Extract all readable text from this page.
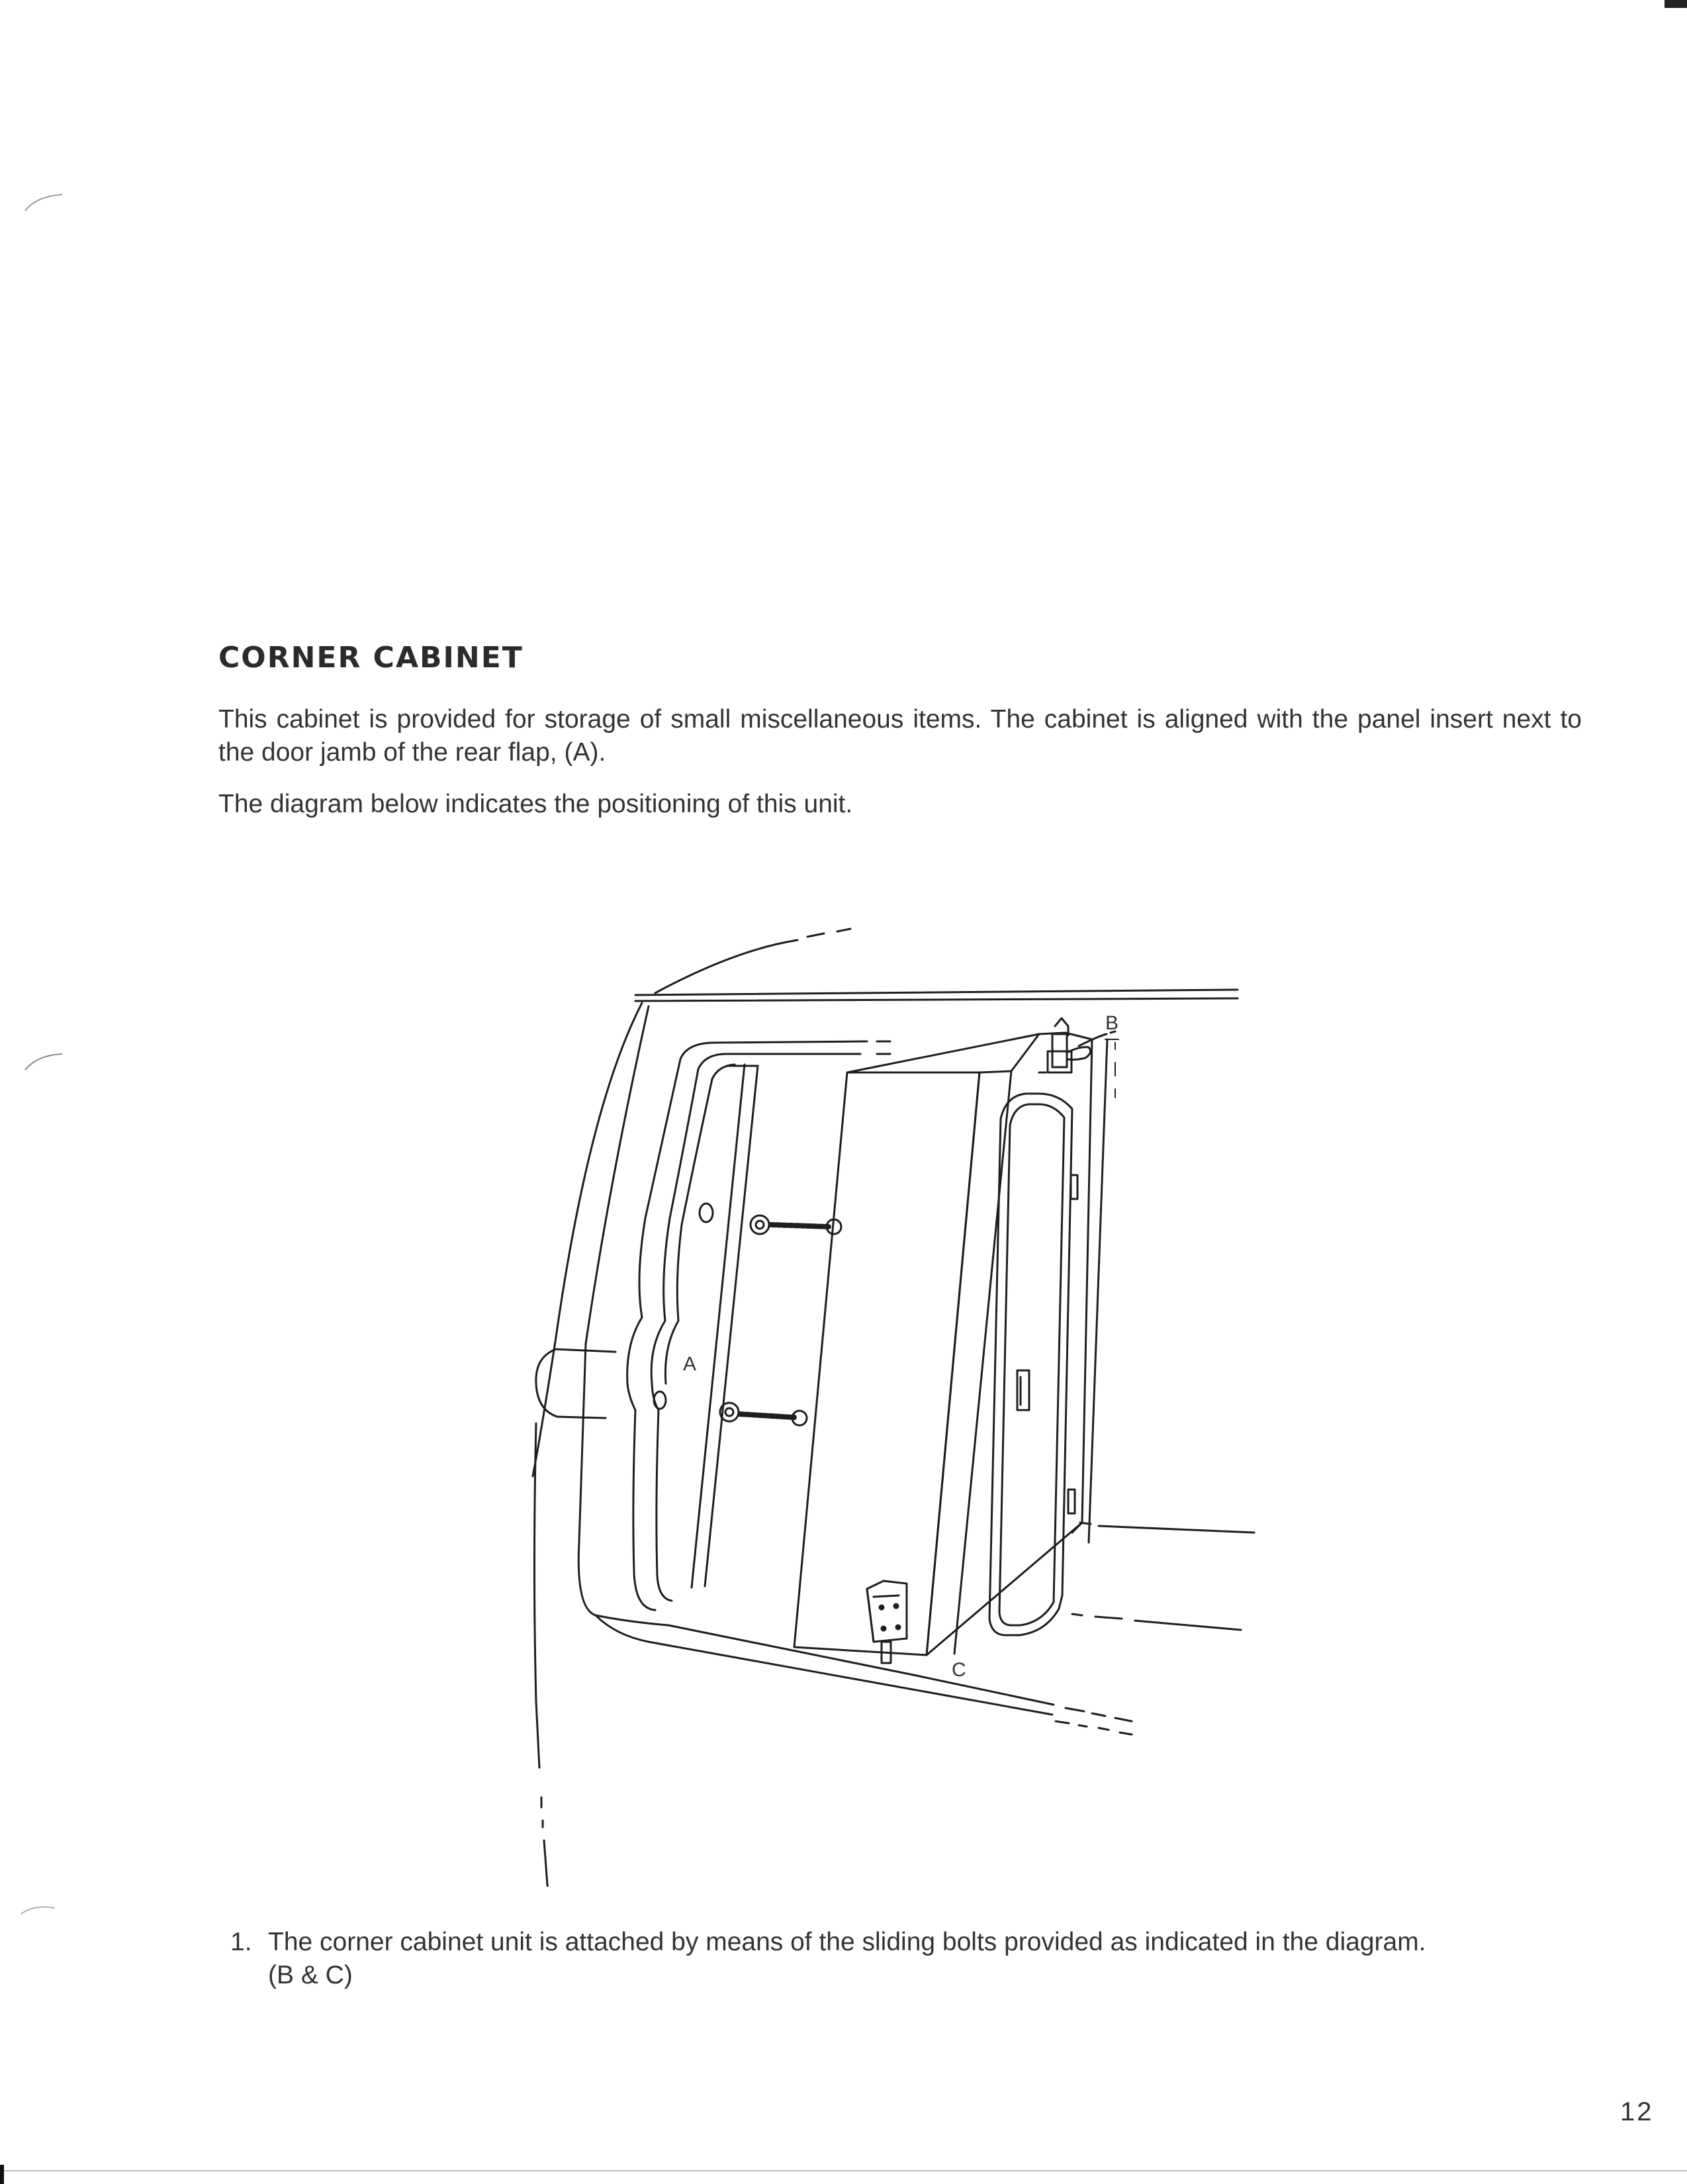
CORNER CABINET

This cabinet is provided for storage of small miscellaneous items. The cabinet is aligned with the panel insert next to the door jamb of the rear flap, (A).

The diagram below indicates the positioning of this unit.

A
B
C
1. The corner cabinet unit is attached by means of the sliding bolts provided as indicated in the diagram.
(B & C)
12
